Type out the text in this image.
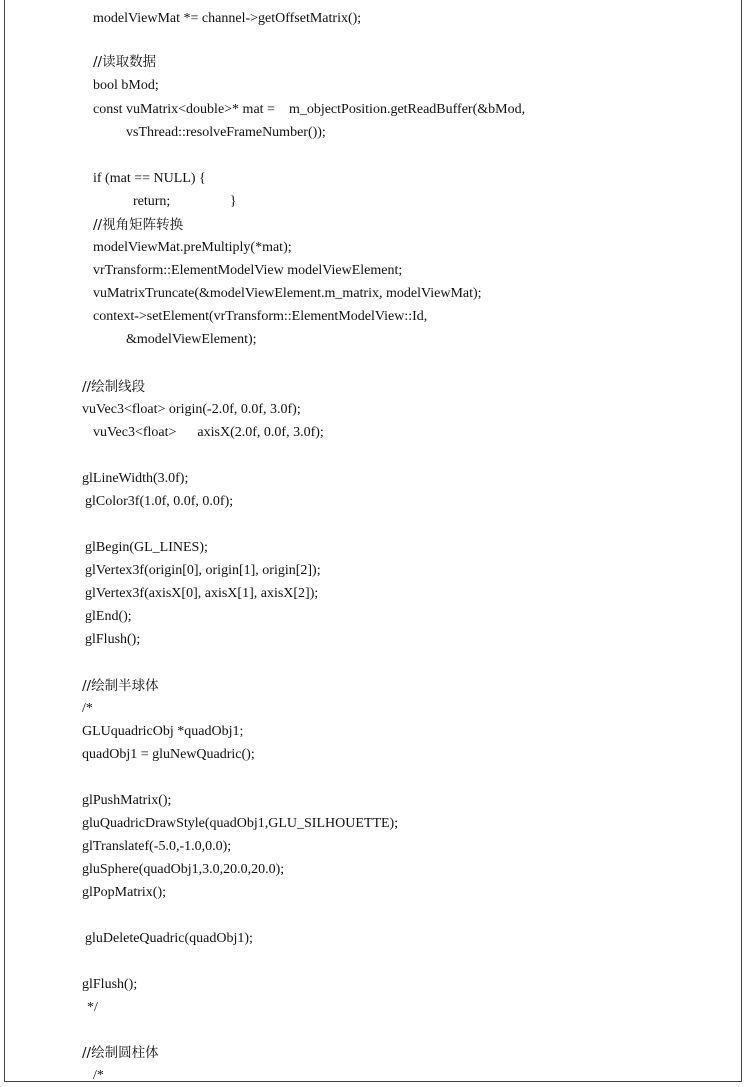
modelViewMat *= channel->getOffsetMatrix();
//读取数据
bool bMod;
const vuMatrix<double>* mat =    m_objectPosition.getReadBuffer(&bMod,
vsThread::resolveFrameNumber());
if (mat == NULL) {
return;                 }
//视角矩阵转换
modelViewMat.preMultiply(*mat);
vrTransform::ElementModelView modelViewElement;
vuMatrixTruncate(&modelViewElement.m_matrix, modelViewMat);
context->setElement(vrTransform::ElementModelView::Id,
&modelViewElement);
//绘制线段
vuVec3<float> origin(-2.0f, 0.0f, 3.0f);
vuVec3<float>      axisX(2.0f, 0.0f, 3.0f);
glLineWidth(3.0f);
glColor3f(1.0f, 0.0f, 0.0f);
glBegin(GL_LINES);
glVertex3f(origin[0], origin[1], origin[2]);
glVertex3f(axisX[0], axisX[1], axisX[2]);
glEnd();
glFlush();
//绘制半球体
/*
GLUquadricObj *quadObj1;
quadObj1 = gluNewQuadric();
glPushMatrix();
gluQuadricDrawStyle(quadObj1,GLU_SILHOUETTE);
glTranslatef(-5.0,-1.0,0.0);
gluSphere(quadObj1,3.0,20.0,20.0);
glPopMatrix();
gluDeleteQuadric(quadObj1);
glFlush();
*/
//绘制圆柱体
/*
